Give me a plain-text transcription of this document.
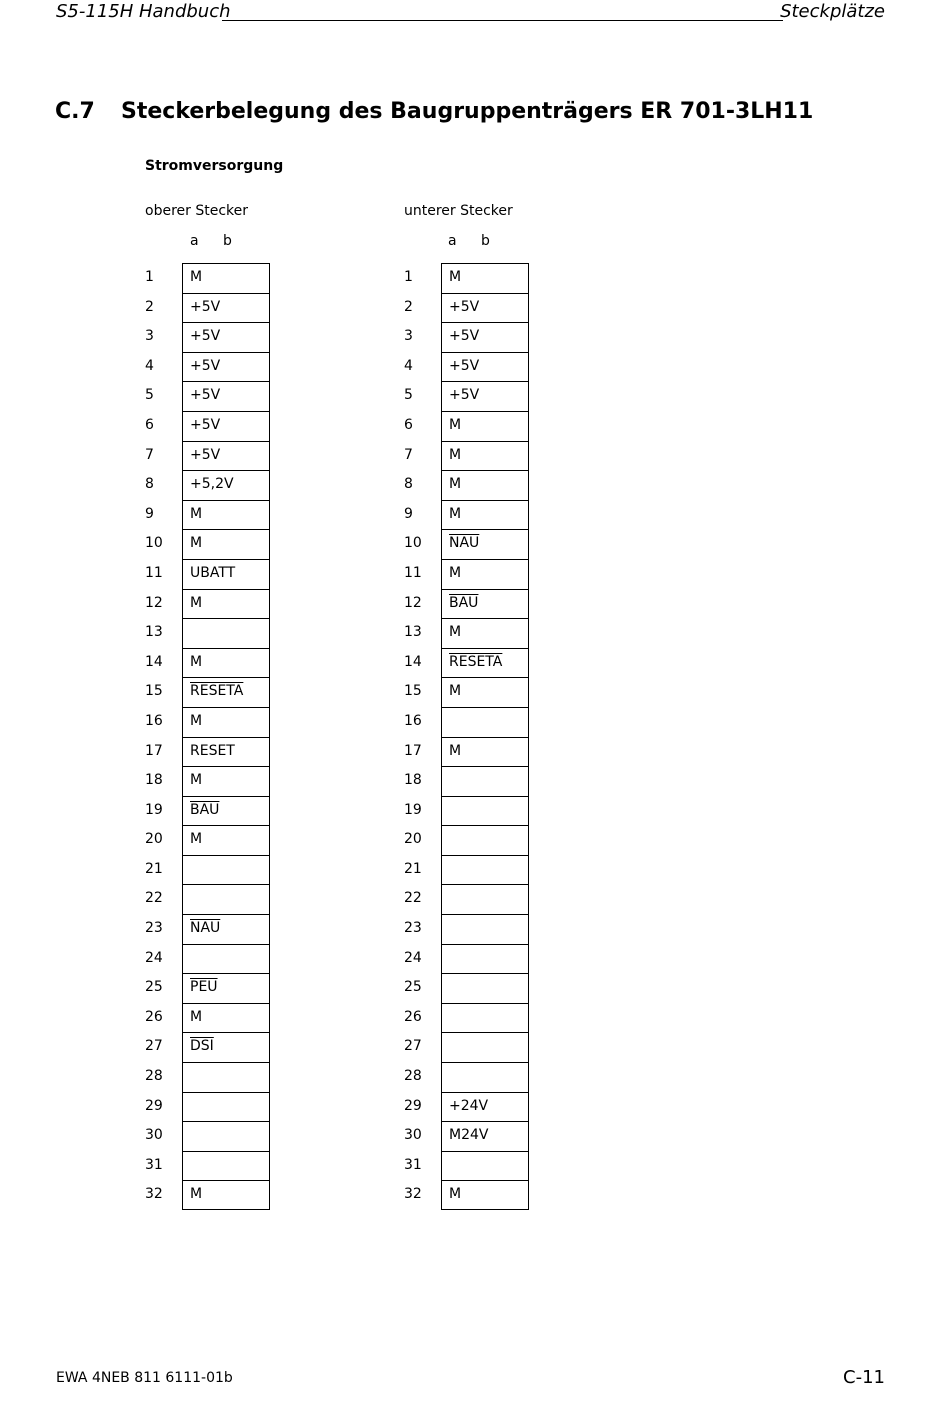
S5-115H Handbuch	Steckplätze
C.7 Steckerbelegung des Baugruppenträgers ER 701-3LH11
Stromversorgung
oberer Stecker	unterer Stecker
a b	a b
1	M
2	+5V
3	+5V
4	+5V
5	+5V
6	+5V
7	+5V
8	+5,2V
9	M
10	M
11	UBATT
12	M
13
14	M
15	RESETA
16	M
17	RESET
18	M
19	$\overline{BAU}$
20	M
21
22
23	$\overline{NAU}$
24
25	$\overline{PEU}$
26	M
27	$\overline{DSI}$
28
29
30
31
32	M
1	M
2	+5V
3	+5V
4	+5V
5	+5V
6	M
7	M
8	M
9	M
10	$\overline{NAU}$
11	M
12	$\overline{BAU}$
13	M
14	RESETA
15	M
16
17	M
18
19
20
21
22
23
24
25
26
27
28
29	+24V
30	M24V
31
32	M
EWA 4NEB 811 6111-01b	C-11
